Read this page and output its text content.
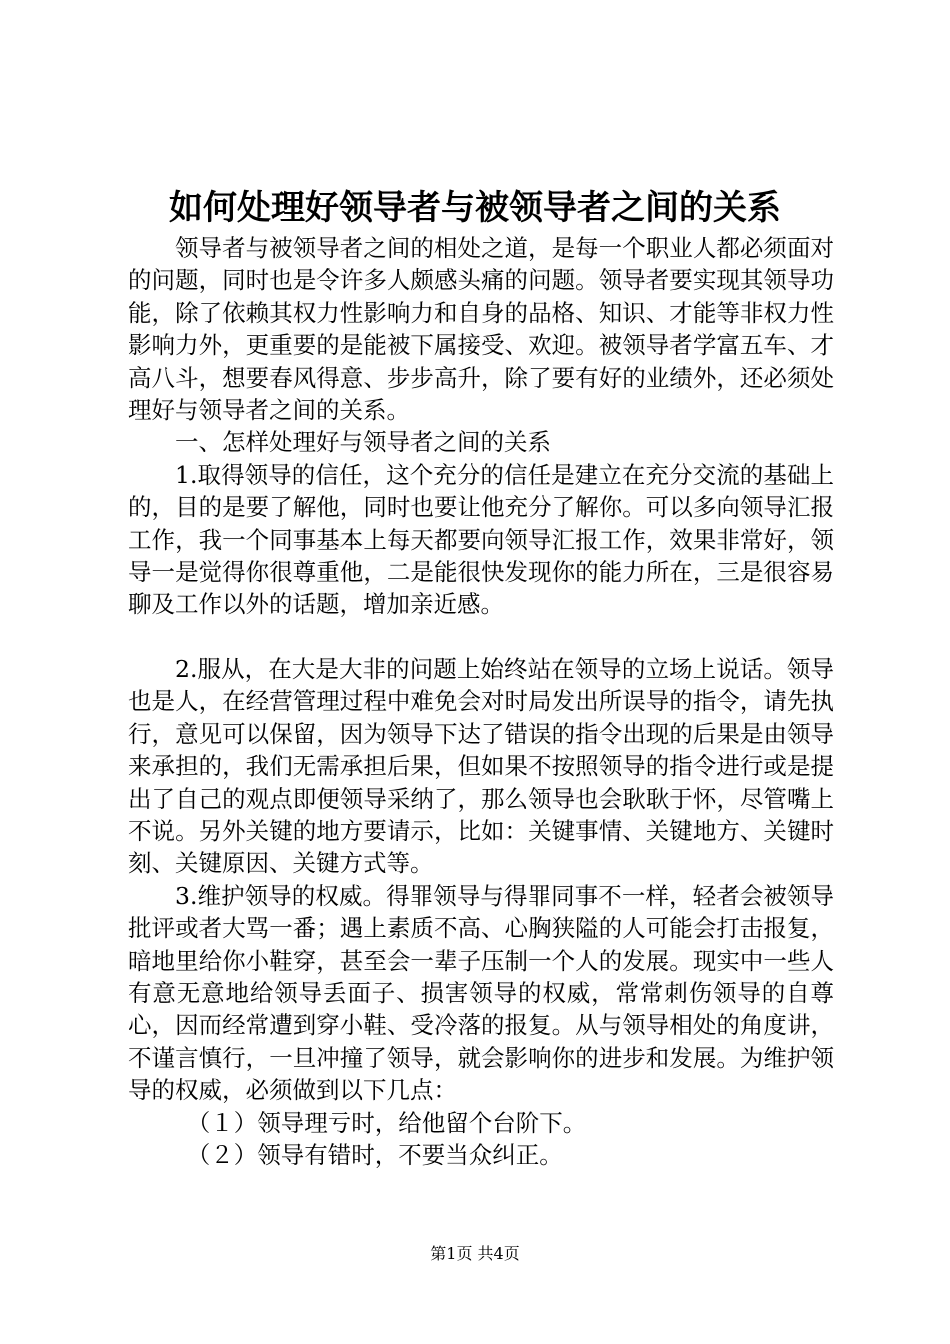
如何处理好领导者与被领导者之间的关系

领导者与被领导者之间的相处之道，是每一个职业人都必须面对的问题，同时也是令许多人颇感头痛的问题。领导者要实现其领导功能，除了依赖其权力性影响力和自身的品格、知识、才能等非权力性影响力外，更重要的是能被下属接受、欢迎。被领导者学富五车、才高八斗，想要春风得意、步步高升，除了要有好的业绩外，还必须处理好与领导者之间的关系。

一、怎样处理好与领导者之间的关系

1.取得领导的信任，这个充分的信任是建立在充分交流的基础上的，目的是要了解他，同时也要让他充分了解你。可以多向领导汇报工作，我一个同事基本上每天都要向领导汇报工作，效果非常好，领导一是觉得你很尊重他，二是能很快发现你的能力所在，三是很容易聊及工作以外的话题，增加亲近感。

2.服从，在大是大非的问题上始终站在领导的立场上说话。领导也是人，在经营管理过程中难免会对时局发出所误导的指令，请先执行，意见可以保留，因为领导下达了错误的指令出现的后果是由领导来承担的，我们无需承担后果，但如果不按照领导的指令进行或是提出了自己的观点即便领导采纳了，那么领导也会耿耿于怀，尽管嘴上不说。另外关键的地方要请示，比如：关键事情、关键地方、关键时刻、关键原因、关键方式等。

3.维护领导的权威。得罪领导与得罪同事不一样，轻者会被领导批评或者大骂一番；遇上素质不高、心胸狭隘的人可能会打击报复，暗地里给你小鞋穿，甚至会一辈子压制一个人的发展。现实中一些人有意无意地给领导丢面子、损害领导的权威，常常刺伤领导的自尊心，因而经常遭到穿小鞋、受冷落的报复。从与领导相处的角度讲，不谨言慎行，一旦冲撞了领导，就会影响你的进步和发展。为维护领导的权威，必须做到以下几点：

（１）领导理亏时，给他留个台阶下。

（２）领导有错时，不要当众纠正。

第1页 共4页
